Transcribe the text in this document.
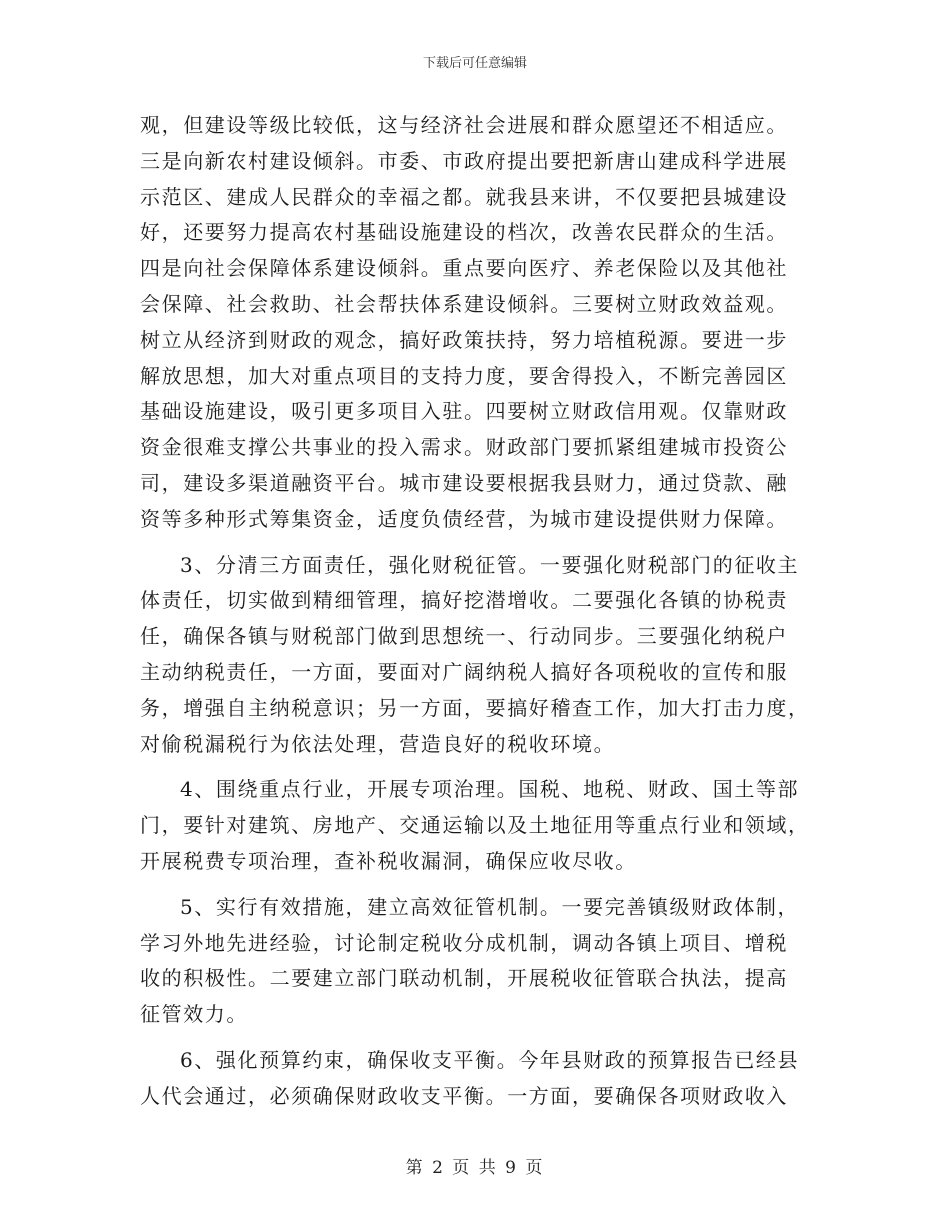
下载后可任意编辑
观，但建设等级比较低，这与经济社会进展和群众愿望还不相适应。
三是向新农村建设倾斜。市委、市政府提出要把新唐山建成科学进展
示范区、建成人民群众的幸福之都。就我县来讲，不仅要把县城建设
好，还要努力提高农村基础设施建设的档次，改善农民群众的生活。
四是向社会保障体系建设倾斜。重点要向医疗、养老保险以及其他社
会保障、社会救助、社会帮扶体系建设倾斜。三要树立财政效益观。
树立从经济到财政的观念，搞好政策扶持，努力培植税源。要进一步
解放思想，加大对重点项目的支持力度，要舍得投入，不断完善园区
基础设施建设，吸引更多项目入驻。四要树立财政信用观。仅靠财政
资金很难支撑公共事业的投入需求。财政部门要抓紧组建城市投资公
司，建设多渠道融资平台。城市建设要根据我县财力，通过贷款、融
资等多种形式筹集资金，适度负债经营，为城市建设提供财力保障。
3、分清三方面责任，强化财税征管。一要强化财税部门的征收主
体责任，切实做到精细管理，搞好挖潜增收。二要强化各镇的协税责
任，确保各镇与财税部门做到思想统一、行动同步。三要强化纳税户
主动纳税责任，一方面，要面对广阔纳税人搞好各项税收的宣传和服
务，增强自主纳税意识；另一方面，要搞好稽查工作，加大打击力度，
对偷税漏税行为依法处理，营造良好的税收环境。
4、围绕重点行业，开展专项治理。国税、地税、财政、国土等部
门，要针对建筑、房地产、交通运输以及土地征用等重点行业和领域，
开展税费专项治理，查补税收漏洞，确保应收尽收。
5、实行有效措施，建立高效征管机制。一要完善镇级财政体制，
学习外地先进经验，讨论制定税收分成机制，调动各镇上项目、增税
收的积极性。二要建立部门联动机制，开展税收征管联合执法，提高
征管效力。
6、强化预算约束，确保收支平衡。今年县财政的预算报告已经县
人代会通过，必须确保财政收支平衡。一方面，要确保各项财政收入
第 2 页 共 9 页
